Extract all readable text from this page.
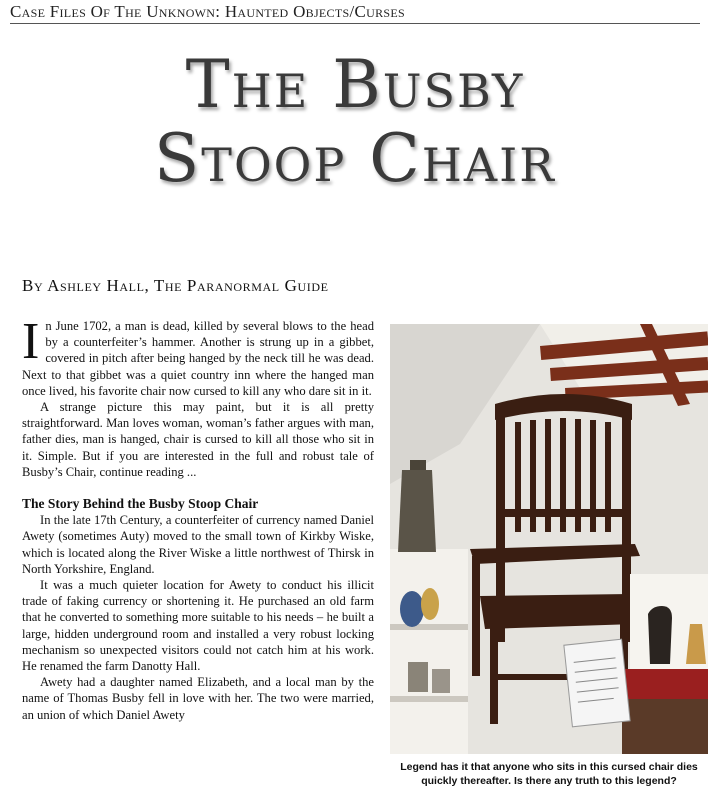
Case Files Of The Unknown: Haunted Objects/Curses
The Busby
Stoop Chair
By Ashley Hall, The Paranormal Guide

In June 1702, a man is dead, killed by several blows to the head by a counterfeiter’s hammer. Another is strung up in a gibbet, covered in pitch after being hanged by the neck till he was dead. Next to that gibbet was a quiet country inn where the hanged man once lived, his favorite chair now cursed to kill any who dare sit in it.

A strange picture this may paint, but it is all pretty straightforward. Man loves woman, woman’s father argues with man, father dies, man is hanged, chair is cursed to kill all those who sit in it. Simple. But if you are interested in the full and robust tale of Busby’s Chair, continue reading ...

The Story Behind the Busby Stoop Chair

In the late 17th Century, a counterfeiter of currency named Daniel Awety (sometimes Auty) moved to the small town of Kirkby Wiske, which is located along the River Wiske a little northwest of Thirsk in North Yorkshire, England.

It was a much quieter location for Awety to conduct his illicit trade of faking currency or shortening it. He purchased an old farm that he converted to something more suitable to his needs – he built a large, hidden underground room and installed a very robust locking mechanism so unexpected visitors could not catch him at his work. He renamed the farm Danotty Hall.

Awety had a daughter named Elizabeth, and a local man by the name of Thomas Busby fell in love with her. The two were married, an union of which Daniel Awety

Legend has it that anyone who sits in this cursed chair dies quickly thereafter. Is there any truth to this legend?
